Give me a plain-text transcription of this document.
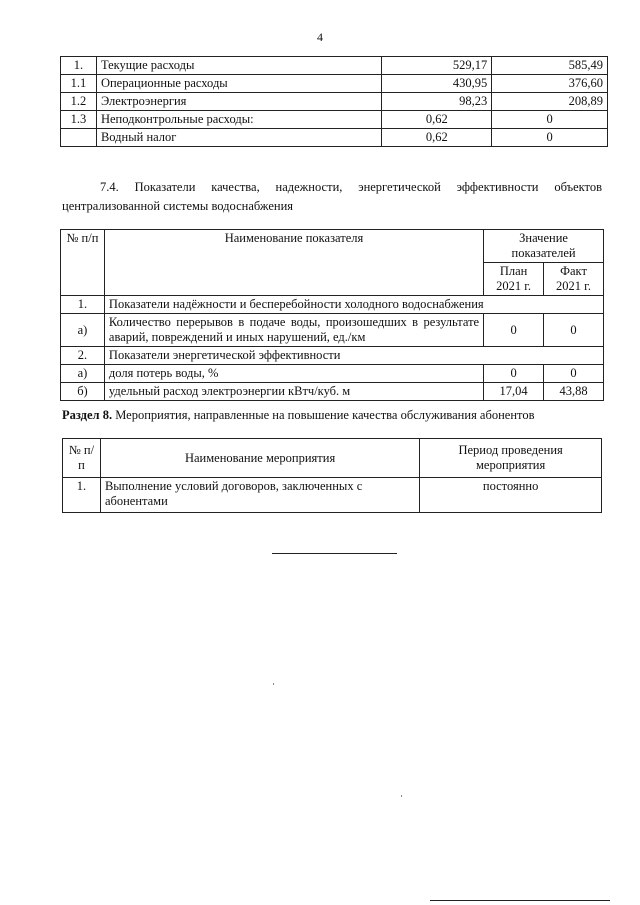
4
1.	Текущие расходы	529,17	585,49
1.1	Операционные расходы	430,95	376,60
1.2	Электроэнергия	98,23	208,89
1.3	Неподконтрольные расходы:	0,62	0
	Водный налог	0,62	0
7.4. Показатели качества, надежности, энергетической эффективности объектов централизованной системы водоснабжения
№ п/п	Наименование показателя	Значение показателей	
		План 2021 г.	Факт 2021 г.
1.	Показатели надёжности и бесперебойности холодного водоснабжения		
а)	Количество перерывов в подаче воды, произошедших в результате аварий, повреждений и иных нарушений, ед./км	0	0
2.	Показатели энергетической эффективности		
а)	доля потерь воды, %	0	0
б)	удельный расход электроэнергии кВтч/куб. м	17,04	43,88
Раздел 8. Мероприятия, направленные на повышение качества обслуживания абонентов
№ п/п	Наименование мероприятия	Период проведения мероприятия
1.	Выполнение условий договоров, заключенных с абонентами	постоянно
